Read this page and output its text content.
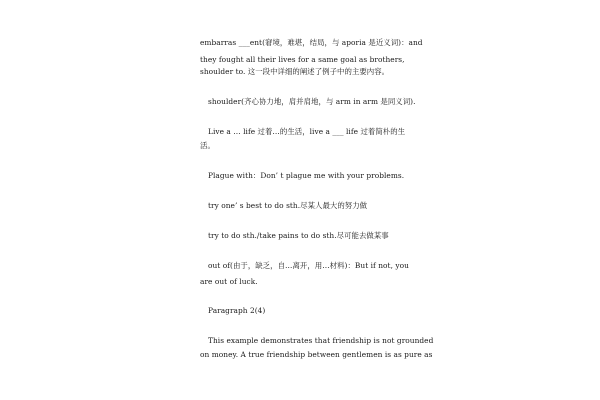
embarras ___ent(窘境，难堪，结局，与 aporia 是近义词)：and
they fought all their lives for a same goal as brothers,
shoulder to. 这一段中详细的阐述了例子中的主要内容。
shoulder(齐心协力地，肩并肩地，与 arm in arm 是同义词).
Live a … life 过着…的生活，live a ___ life 过着简朴的生
活。
Plague with：Don’ t plague me with your problems.
try one’ s best to do sth.尽某人最大的努力做
try to do sth./take pains to do sth.尽可能去做某事
out of(由于，缺乏，自…离开，用…材料)：But if not, you
are out of luck.
Paragraph 2(4)
This example demonstrates that friendship is not grounded
on money. A true friendship between gentlemen is as pure as
